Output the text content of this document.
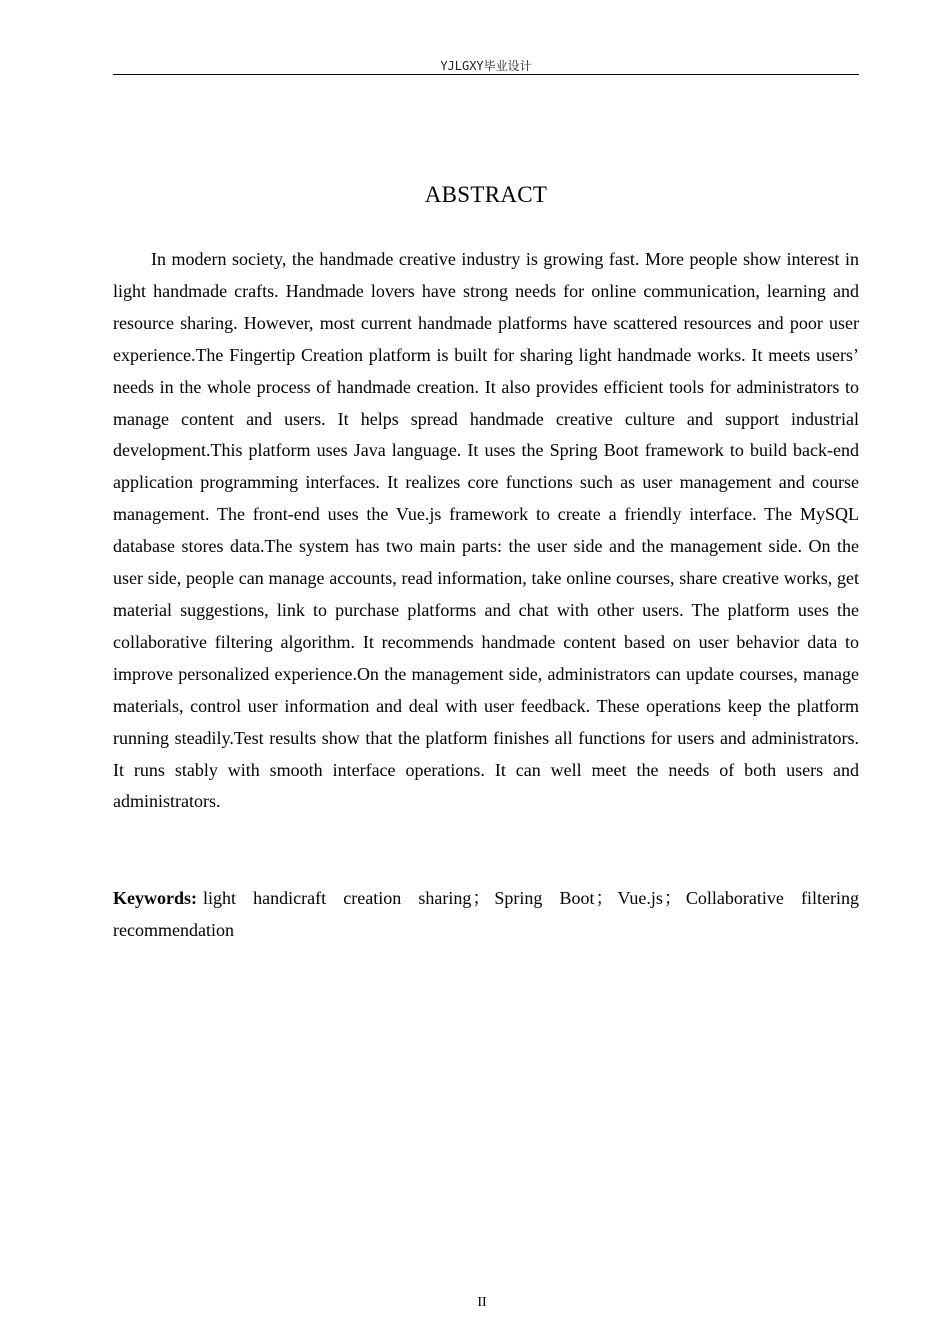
YJLGXY毕业设计
ABSTRACT

In modern society, the handmade creative industry is growing fast. More people show interest in light handmade crafts. Handmade lovers have strong needs for online communication, learning and resource sharing. However, most current handmade platforms have scattered resources and poor user experience.The Fingertip Creation platform is built for sharing light handmade works. It meets users’ needs in the whole process of handmade creation. It also provides efficient tools for administrators to manage content and users. It helps spread handmade creative culture and support industrial development.This platform uses Java language. It uses the Spring Boot framework to build back-end application programming interfaces. It realizes core functions such as user management and course management. The front-end uses the Vue.js framework to create a friendly interface. The MySQL database stores data.The system has two main parts: the user side and the management side. On the user side, people can manage accounts, read information, take online courses, share creative works, get material suggestions, link to purchase platforms and chat with other users. The platform uses the collaborative filtering algorithm. It recommends handmade content based on user behavior data to improve personalized experience.On the management side, administrators can update courses, manage materials, control user information and deal with user feedback. These operations keep the platform running steadily.Test results show that the platform finishes all functions for users and administrators. It runs stably with smooth interface operations. It can well meet the needs of both users and administrators.

Keywords: light handicraft creation sharing； Spring Boot； Vue.js； Collaborative filtering recommendation

II
